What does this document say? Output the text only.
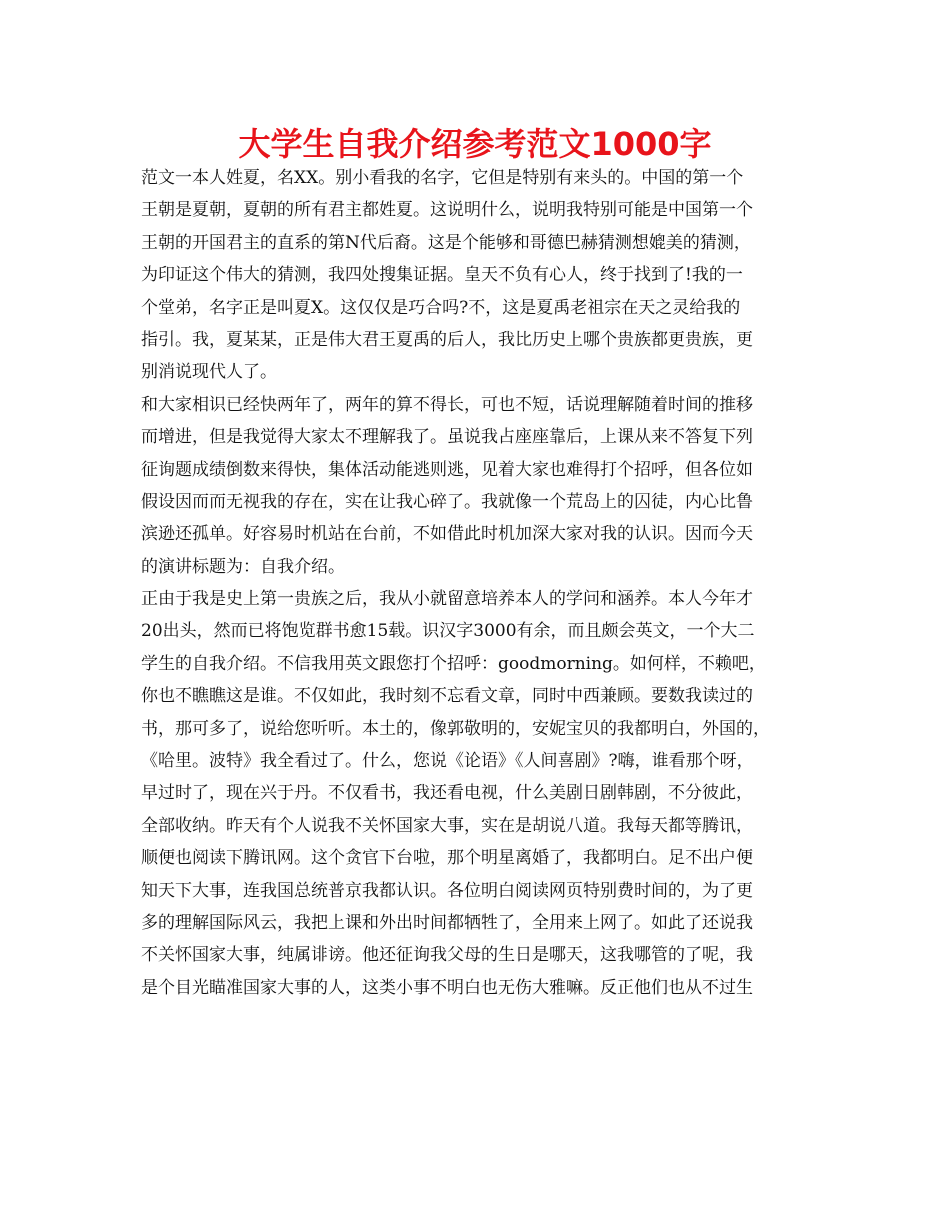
大学生自我介绍参考范文1000字
范文一本人姓夏，名XX。别小看我的名字，它但是特别有来头的。中国的第一个
王朝是夏朝，夏朝的所有君主都姓夏。这说明什么，说明我特别可能是中国第一个
王朝的开国君主的直系的第N代后裔。这是个能够和哥德巴赫猜测想媲美的猜测，
为印证这个伟大的猜测，我四处搜集证据。皇天不负有心人，终于找到了!我的一
个堂弟，名字正是叫夏X。这仅仅是巧合吗?不，这是夏禹老祖宗在天之灵给我的
指引。我，夏某某，正是伟大君王夏禹的后人，我比历史上哪个贵族都更贵族，更
别消说现代人了。
和大家相识已经快两年了，两年的算不得长，可也不短，话说理解随着时间的推移
而增进，但是我觉得大家太不理解我了。虽说我占座座靠后，上课从来不答复下列
征询题成绩倒数来得快，集体活动能逃则逃，见着大家也难得打个招呼，但各位如
假设因而而无视我的存在，实在让我心碎了。我就像一个荒岛上的囚徒，内心比鲁
滨逊还孤单。好容易时机站在台前，不如借此时机加深大家对我的认识。因而今天
的演讲标题为：自我介绍。
正由于我是史上第一贵族之后，我从小就留意培养本人的学问和涵养。本人今年才
20出头，然而已将饱览群书愈15载。识汉字3000有余，而且颇会英文，一个大二
学生的自我介绍。不信我用英文跟您打个招呼：goodmorning。如何样，不赖吧，
你也不瞧瞧这是谁。不仅如此，我时刻不忘看文章，同时中西兼顾。要数我读过的
书，那可多了，说给您听听。本土的，像郭敬明的，安妮宝贝的我都明白，外国的，
《哈里。波特》我全看过了。什么，您说《论语》《人间喜剧》?嗨，谁看那个呀，
早过时了，现在兴于丹。不仅看书，我还看电视，什么美剧日剧韩剧，不分彼此，
全部收纳。昨天有个人说我不关怀国家大事，实在是胡说八道。我每天都等腾讯，
顺便也阅读下腾讯网。这个贪官下台啦，那个明星离婚了，我都明白。足不出户便
知天下大事，连我国总统普京我都认识。各位明白阅读网页特别费时间的，为了更
多的理解国际风云，我把上课和外出时间都牺牲了，全用来上网了。如此了还说我
不关怀国家大事，纯属诽谤。他还征询我父母的生日是哪天，这我哪管的了呢，我
是个目光瞄准国家大事的人，这类小事不明白也无伤大雅嘛。反正他们也从不过生
